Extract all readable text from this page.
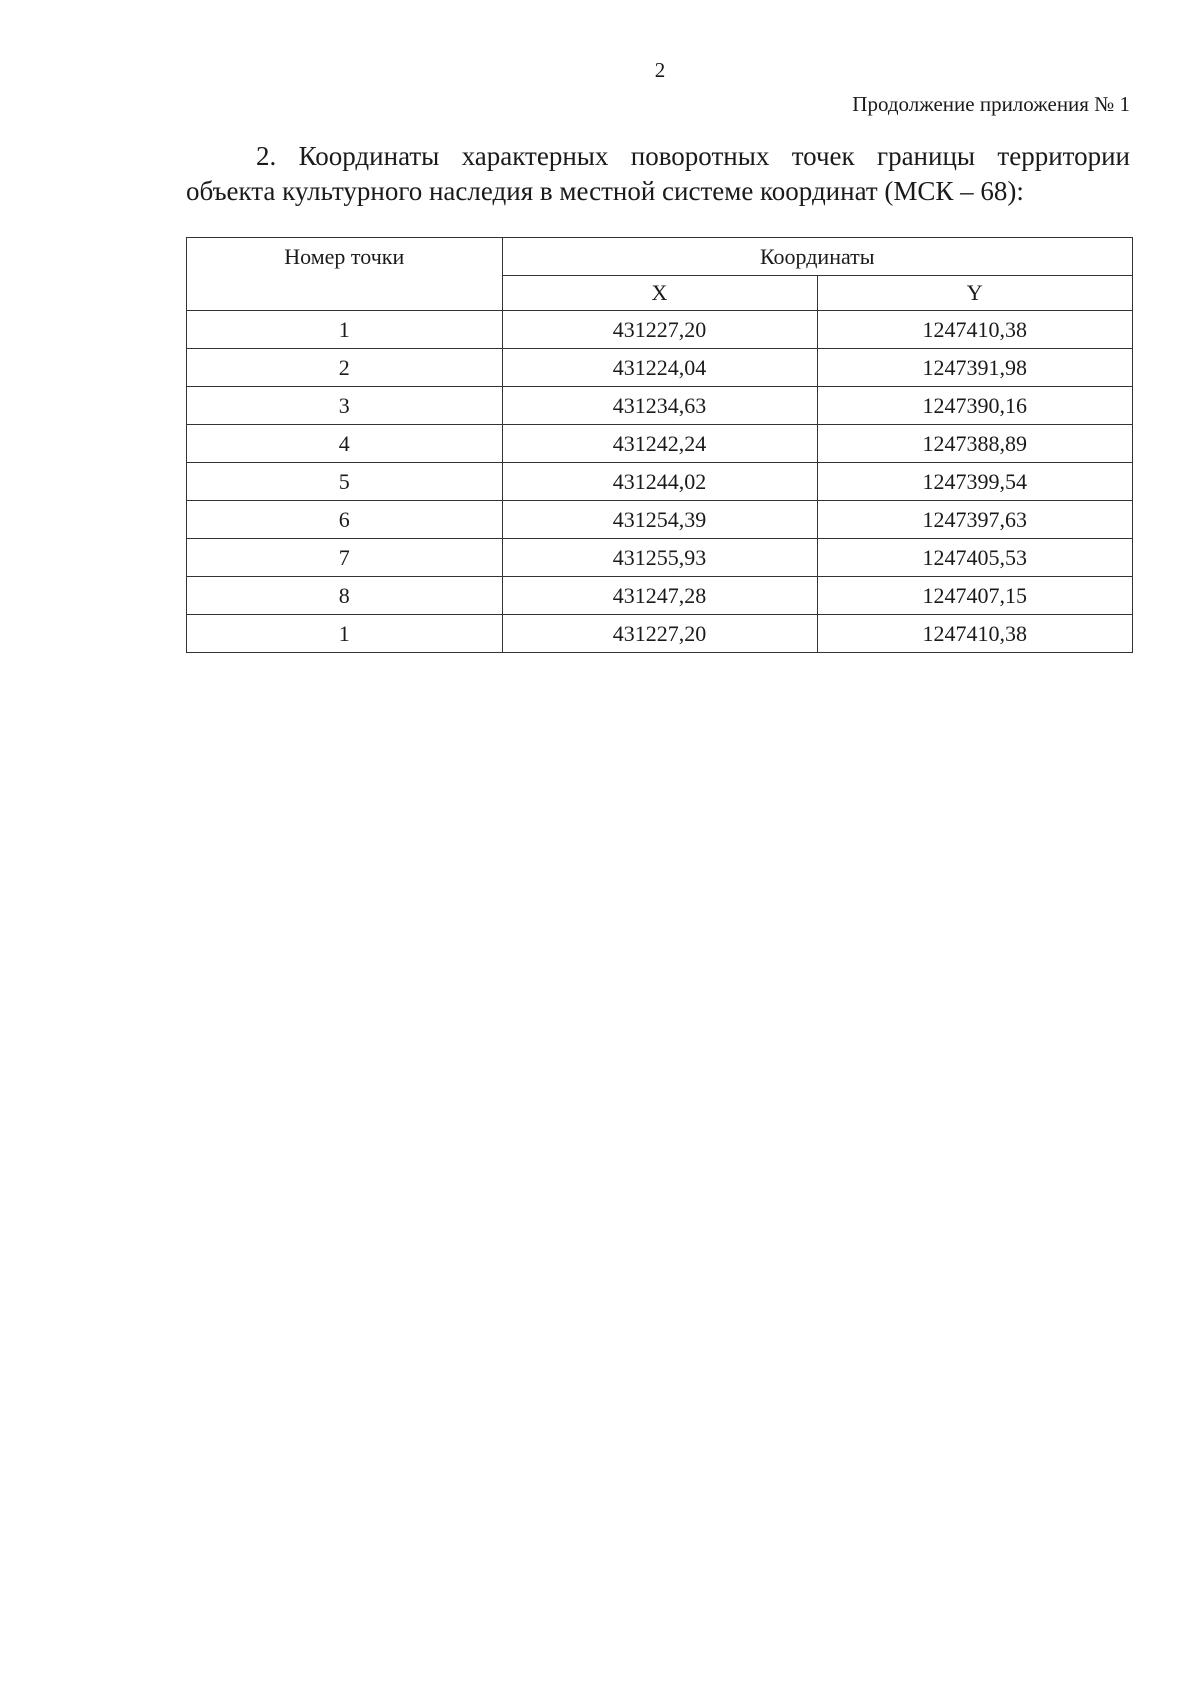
2
Продолжение приложения № 1
2. Координаты характерных поворотных точек границы территории
объекта культурного наследия в местной системе координат (МСК – 68):
Номер точки	Координаты	
	X	Y
1	431227,20	1247410,38
2	431224,04	1247391,98
3	431234,63	1247390,16
4	431242,24	1247388,89
5	431244,02	1247399,54
6	431254,39	1247397,63
7	431255,93	1247405,53
8	431247,28	1247407,15
1	431227,20	1247410,38
